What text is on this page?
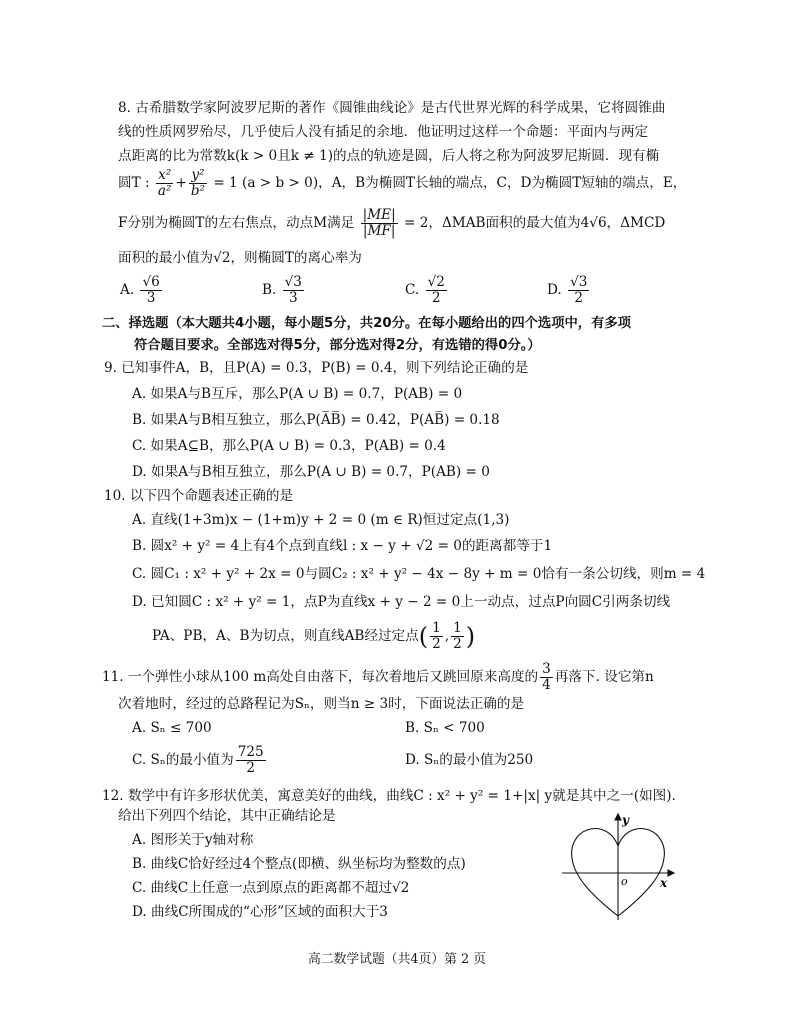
8. 古希腊数学家阿波罗尼斯的著作《圆锥曲线论》是古代世界光辉的科学成果，它将圆锥曲
线的性质网罗殆尽，几乎使后人没有插足的余地．他证明过这样一个命题：平面内与两定
点距离的比为常数k(k > 0且k ≠ 1)的点的轨迹是圆，后人将之称为阿波罗尼斯圆．现有椭
圆T : $\frac{\text{x²}}{\text{a²}} + \frac{\text{y²}}{\text{b²}} = 1$ (a > b > 0)，A，B为椭圆T长轴的端点，C，D为椭圆T短轴的端点，E，
F分别为椭圆T的左右焦点，动点M满足 $\frac{|ME|}{|MF|} = 2$，ΔMAB面积的最大值为4√6，ΔMCD
面积的最小值为√2，则椭圆T的离心率为
A. $\frac{√6}{3}$	B. $\frac{√3}{3}$	C. $\frac{√2}{2}$	D. $\frac{√3}{2}$
二、择选题（本大题共4小题，每小题5分，共20分。在每小题给出的四个选项中，有多项
符合题目要求。全部选对得5分，部分选对得2分，有选错的得0分。）
9. 已知事件A，B，且P(A) = 0.3，P(B) = 0.4，则下列结论正确的是
A. 如果A与B互斥，那么P(A ∪ B) = 0.7，P(AB) = 0
B. 如果A与B相互独立，那么P(A̅B̅) = 0.42，P(AB̅) = 0.18
C. 如果A⊆B，那么P(A ∪ B) = 0.3，P(AB) = 0.4
D. 如果A与B相互独立，那么P(A ∪ B) = 0.7，P(AB) = 0
10. 以下四个命题表述正确的是
A. 直线(1+3m)x − (1+m)y + 2 = 0 (m ∈ R)恒过定点(1,3)
B. 圆x² + y² = 4上有4个点到直线l : x − y + √2 = 0的距离都等于1
C. 圆C₁ : x² + y² + 2x = 0与圆C₂ : x² + y² − 4x − 8y + m = 0恰有一条公切线，则m = 4
D. 已知圆C : x² + y² = 1，点P为直线x + y − 2 = 0上一动点，过点P向圆C引两条切线
PA、PB，A、B为切点，则直线AB经过定点( $\frac{1}{2}$ , $\frac{1}{2}$ )
11. 一个弹性小球从100 m高处自由落下，每次着地后又跳回原来高度的 $\frac{3}{4}$ 再落下. 设它第n
次着地时，经过的总路程记为Sₙ，则当n ≥ 3时，下面说法正确的是
A. Sₙ ≤ 700	B. Sₙ < 700
C. Sₙ的最小值为 $\frac{725}{2}$	D. Sₙ的最小值为250
12. 数学中有许多形状优美，寓意美好的曲线，曲线C : x² + y² = 1+|x| y就是其中之一(如图).
给出下列四个结论，其中正确结论是
A. 图形关于y轴对称
B. 曲线C恰好经过4个整点(即横、纵坐标均为整数的点)
C. 曲线C上任意一点到原点的距离都不超过√2
D. 曲线C所围成的“心形”区域的面积大于3
y
x
o
高二数学试题（共4页）第 2 页
